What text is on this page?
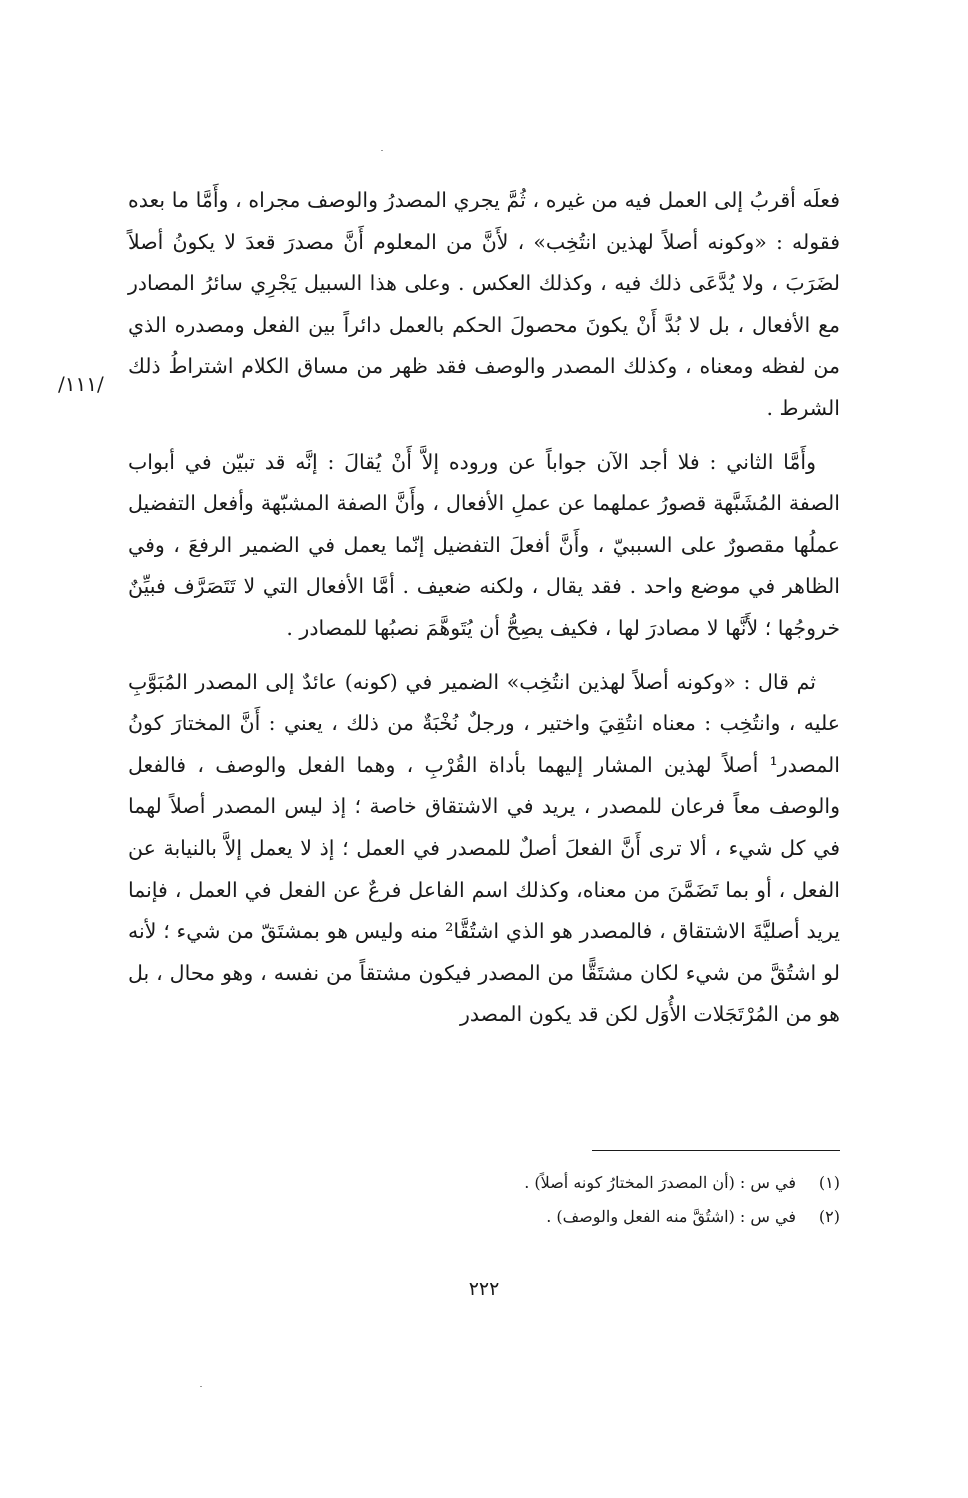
فعلَه أقربُ إلى العمل فيه من غيره ، ثُمَّ يجري المصدرُ والوصف مجراه ، وأَمَّا ما بعده فقوله : «وكونه أصلاً لهذين انتُخِب» ، لأَنَّ من المعلوم أَنَّ مصدرَ قعدَ لا يكونُ أصلاً لضَرَبَ ، ولا يُدَّعَى ذلك فيه ، وكذلك العكس . وعلى هذا السبيل يَجْرِي سائرُ المصادر مع الأفعال ، بل لا بُدَّ أَنْ يكونَ محصولَ الحكم بالعمل دائراً بين الفعل ومصدره الذي من لفظه ومعناه ، وكذلك المصدر والوصف فقد ظهر من مساق الكلام اشتراطُ ذلك الشرط .

وأَمَّا الثاني : فلا أجد الآن جواباً عن وروده إلاَّ أَنْ يُقالَ : إنَّه قد تبيّن في أبواب الصفة المُشَبَّهة قصورُ عملهما عن عملِ الأفعال ، وأَنَّ الصفة المشبّهة وأفعل التفضيل عملُها مقصورٌ على السببيّ ، وأَنَّ أفعلَ التفضيل إنّما يعمل في الضمير الرفعَ ، وفي الظاهر في موضع واحد . فقد يقال ، ولكنه ضعيف . أمَّا الأفعال التي لا تَتَصَرَّف فبيِّنٌ خروجُها ؛ لأَنَّها لا مصادرَ لها ، فكيف يصِحُّ أن يُتَوهَّمَ نصبُها للمصادر .

ثم قال : «وكونه أصلاً لهذين انتُخِب» الضمير في (كونه) عائدٌ إلى المصدر المُبَوَّبِ عليه ، وانتُخِب : معناه انتُقِيَ واختير ، ورجلٌ نُخْبَةٌ من ذلك ، يعني : أَنَّ المختارَ كونُ المصدر¹ أصلاً لهذين المشار إليهما بأداة القُرْبِ ، وهما الفعل والوصف ، فالفعل والوصف معاً فرعان للمصدر ، يريد في الاشتقاق خاصة ؛ إذ ليس المصدر أصلاً لهما في كل شيء ، ألا ترى أَنَّ الفعلَ أصلٌ للمصدر في العمل ؛ إذ لا يعمل إلاَّ بالنيابة عن الفعل ، أو بما تَضَمَّنَ من معناه، وكذلك اسم الفاعل فرعٌ عن الفعل في العمل ، فإنما يريد أصليَّةَ الاشتقاق ، فالمصدر هو الذي اشتُقَّا² منه وليس هو بمشتَقّ من شيء ؛ لأنه لو اشتُقَّ من شيء لكان مشتَقًّا من المصدر فيكون مشتقاً من نفسه ، وهو محال ، بل هو من المُرْتَجَلات الأُوَل لكن قد يكون المصدر

/١١١/
(١)
في س : (أن المصدرَ المختارُ كونه أصلاً) .
(٢)
في س : (اشتُقَّ منه الفعل والوصف) .
٢٢٢
